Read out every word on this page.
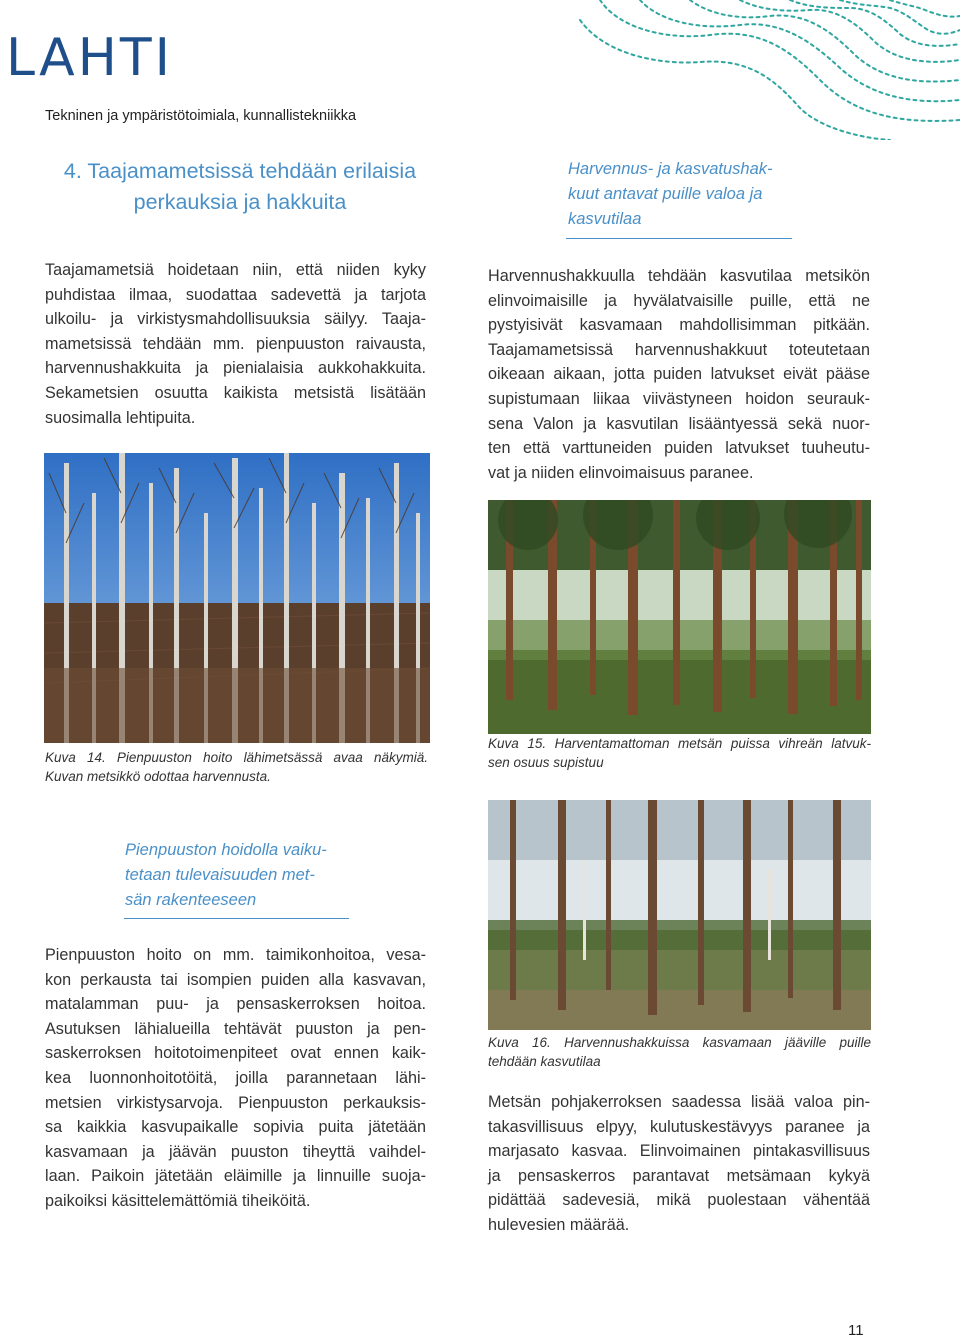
LAHTI
Tekninen ja ympäristötoimiala, kunnallistekniikka
4. Taajamametsissä tehdään erilaisia
perkauksia ja hakkuita
Taajamametsiä hoidetaan niin, että niiden kyky
puhdistaa ilmaa, suodattaa sadevettä ja tarjota
ulkoilu- ja virkistysmahdollisuuksia säilyy. Taaja-
mametsissä tehdään mm. pienpuuston raivausta,
harvennushakkuita ja pienialaisia aukkohakkuita.
Sekametsien osuutta kaikista metsistä lisätään
suosimalla lehtipuita.
Harvennus- ja kasvatushak-
kuut antavat puille valoa ja
kasvutilaa
Harvennushakkuulla tehdään kasvutilaa metsikön
elinvoimaisille ja hyvälatvaisille puille, että ne
pystyisivät kasvamaan mahdollisimman pitkään.
Taajamametsissä harvennushakkuut toteutetaan
oikeaan aikaan, jotta puiden latvukset eivät pääse
supistumaan liikaa viivästyneen hoidon seurauk-
sena Valon ja kasvutilan lisääntyessä sekä nuor-
ten että varttuneiden puiden latvukset tuuheutu-
vat ja niiden elinvoimaisuus paranee.
Kuva 14. Pienpuuston hoito lähimetsässä avaa näkymiä.
Kuvan metsikkö odottaa harvennusta.
Kuva 15. Harventamattoman metsän puissa vihreän latvuk-
sen osuus supistuu
Pienpuuston hoidolla vaiku-
tetaan tulevaisuuden met-
sän rakenteeseen
Kuva 16. Harvennushakkuissa kasvamaan jääville puille
tehdään kasvutilaa
Pienpuuston hoito on mm. taimikonhoitoa, vesa-
kon perkausta tai isompien puiden alla kasvavan,
matalamman puu- ja pensaskerroksen hoitoa.
Asutuksen lähialueilla tehtävät puuston ja pen-
saskerroksen hoitotoimenpiteet ovat ennen kaik-
kea luonnonhoitotöitä, joilla parannetaan lähi-
metsien virkistysarvoja. Pienpuuston perkauksis-
sa kaikkia kasvupaikalle sopivia puita jätetään
kasvamaan ja jäävän puuston tiheyttä vaihdel-
laan. Paikoin jätetään eläimille ja linnuille suoja-
paikoiksi käsittelemättömiä tiheiköitä.
Metsän pohjakerroksen saadessa lisää valoa pin-
takasvillisuus elpyy, kulutuskestävyys paranee ja
marjasato kasvaa. Elinvoimainen pintakasvillisuus
ja pensaskerros parantavat metsämaan kykyä
pidättää sadevesiä, mikä puolestaan vähentää
hulevesien määrää.
11
